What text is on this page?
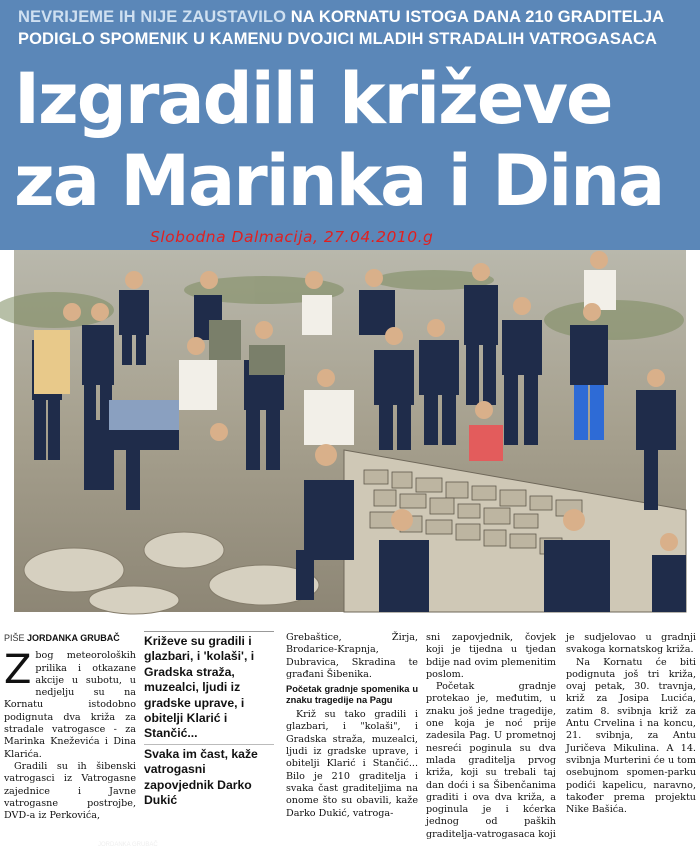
NEVRIJEME IH NIJE ZAUSTAVILO NA KORNATU ISTOGA DANA 210 GRADITELJA PODIGLO SPOMENIK U KAMENU DVOJICI MLADIH STRADALIH VATROGASACA
Izgradili križeve
za Marinka i Dina
Slobodna Dalmacija, 27.04.2010.g
Na Kornatu će se do 21. svibnja podići još tri križa
JORDANKA GRUBAČ
PIŠE JORDANKA GRUBAČ

Zbog meteoroloških prilika i otkazane akcije u subotu, u nedjelju su na Kornatu istodobno podignuta dva križa za stradale vatrogasce - za Marinka Kneževića i Dina Klarića.

Gradili su ih šibenski vatrogasci iz Vatrogasne zajednice i Javne vatrogasne postrojbe, DVD-a iz Perkovića,

Križeve su gradili i glazbari, i 'kolaši', i Gradska straža, muzealci, ljudi iz gradske uprave, i obitelji Klarić i Stančić...

Svaka im čast, kaže vatrogasni zapovjednik Darko Dukić

Grebaštice, Žirja, Brodarice-Krapnja, Dubravica, Skradina te građani Šibenika.

Početak gradnje spomenika u znaku tragedije na Pagu

Križ su tako gradili i glazbari, i "kolaši", i Gradska straža, muzealci, ljudi iz gradske uprave, i obitelji Klarić i Stančić... Bilo je 210 graditelja i svaka čast graditeljima na onome što su obavili, kaže Darko Dukić, vatroga-

sni zapovjednik, čovjek koji je tijedna u tjedan bdije nad ovim plemenitim poslom.

Početak gradnje protekao je, međutim, u znaku još jedne tragedije, one koja je noć prije zadesila Pag. U prometnoj nesreći poginula su dva mlada graditelja prvog križa, koji su trebali taj dan doći i sa Šibenčanima graditi i ova dva križa, a poginula je i kćerka jednog od paških graditelja-vatrogasaca koji

je sudjelovao u gradnji svakoga kornatskog križa.

Na Kornatu će biti podignuta još tri križa, ovaj petak, 30. travnja, križ za Josipa Lucića, zatim 8. svibnja križ za Antu Crvelina i na koncu, 21. svibnja, za Antu Juričeva Mikulina. A 14. svibnja Murterini će u tom osebujnom spomen-parku podići kapelicu, naravno, također prema projektu Nike Bašića.
